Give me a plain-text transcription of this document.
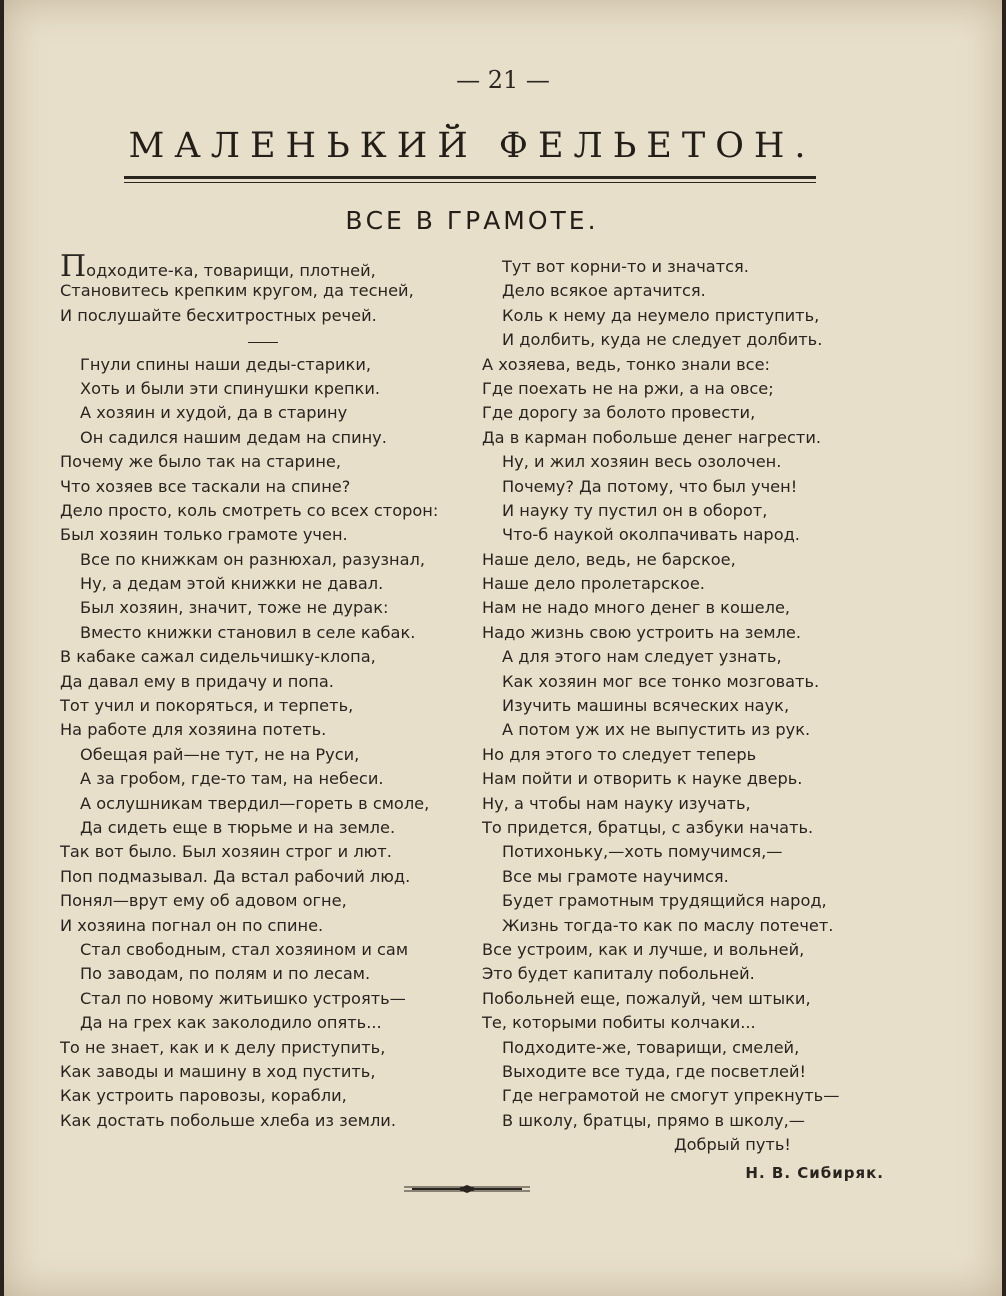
— 21 —
МАЛЕНЬКИЙ ФЕЛЬЕТОН.
ВСЕ В ГРАМОТЕ.
Подходите-ка, товарищи, плотней,
Становитесь крепким кругом, да тесней,
И послушайте бесхитростных речей.
Гнули спины наши деды-старики,
Хоть и были эти спинушки крепки.
А хозяин и худой, да в старину
Он садился нашим дедам на спину.
Почему же было так на старине,
Что хозяев все таскали на спине?
Дело просто, коль смотреть со всех сторон:
Был хозяин только грамоте учен.
Все по книжкам он разнюхал, разузнал,
Ну, а дедам этой книжки не давал.
Был хозяин, значит, тоже не дурак:
Вместо книжки становил в селе кабак.
В кабаке сажал сидельчишку-клопа,
Да давал ему в придачу и попа.
Тот учил и покоряться, и терпеть,
На работе для хозяина потеть.
Обещая рай—не тут, не на Руси,
А за гробом, где-то там, на небеси.
А ослушникам твердил—гореть в смоле,
Да сидеть еще в тюрьме и на земле.
Так вот было. Был хозяин строг и лют.
Поп подмазывал. Да встал рабочий люд.
Понял—врут ему об адовом огне,
И хозяина погнал он по спине.
Стал свободным, стал хозяином и сам
По заводам, по полям и по лесам.
Стал по новому житьишко устроять—
Да на грех как заколодило опять...
То не знает, как и к делу приступить,
Как заводы и машину в ход пустить,
Как устроить паровозы, корабли,
Как достать побольше хлеба из земли.
Тут вот корни-то и значатся.
Дело всякое артачится.
Коль к нему да неумело приступить,
И долбить, куда не следует долбить.
А хозяева, ведь, тонко знали все:
Где поехать не на ржи, а на овсе;
Где дорогу за болото провести,
Да в карман побольше денег нагрести.
Ну, и жил хозяин весь озолочен.
Почему? Да потому, что был учен!
И науку ту пустил он в оборот,
Что-б наукой околпачивать народ.
Наше дело, ведь, не барское,
Наше дело пролетарское.
Нам не надо много денег в кошеле,
Надо жизнь свою устроить на земле.
А для этого нам следует узнать,
Как хозяин мог все тонко мозговать.
Изучить машины всяческих наук,
А потом уж их не выпустить из рук.
Но для этого то следует теперь
Нам пойти и отворить к науке дверь.
Ну, а чтобы нам науку изучать,
То придется, братцы, с азбуки начать.
Потихоньку,—хоть помучимся,—
Все мы грамоте научимся.
Будет грамотным трудящийся народ,
Жизнь тогда-то как по маслу потечет.
Все устроим, как и лучше, и вольней,
Это будет капиталу побольней.
Побольней еще, пожалуй, чем штыки,
Те, которыми побиты колчаки...
Подходите-же, товарищи, смелей,
Выходите все туда, где посветлей!
Где неграмотой не смогут упрекнуть—
В школу, братцы, прямо в школу,—
Добрый путь!
Н. В. Сибиряк.
